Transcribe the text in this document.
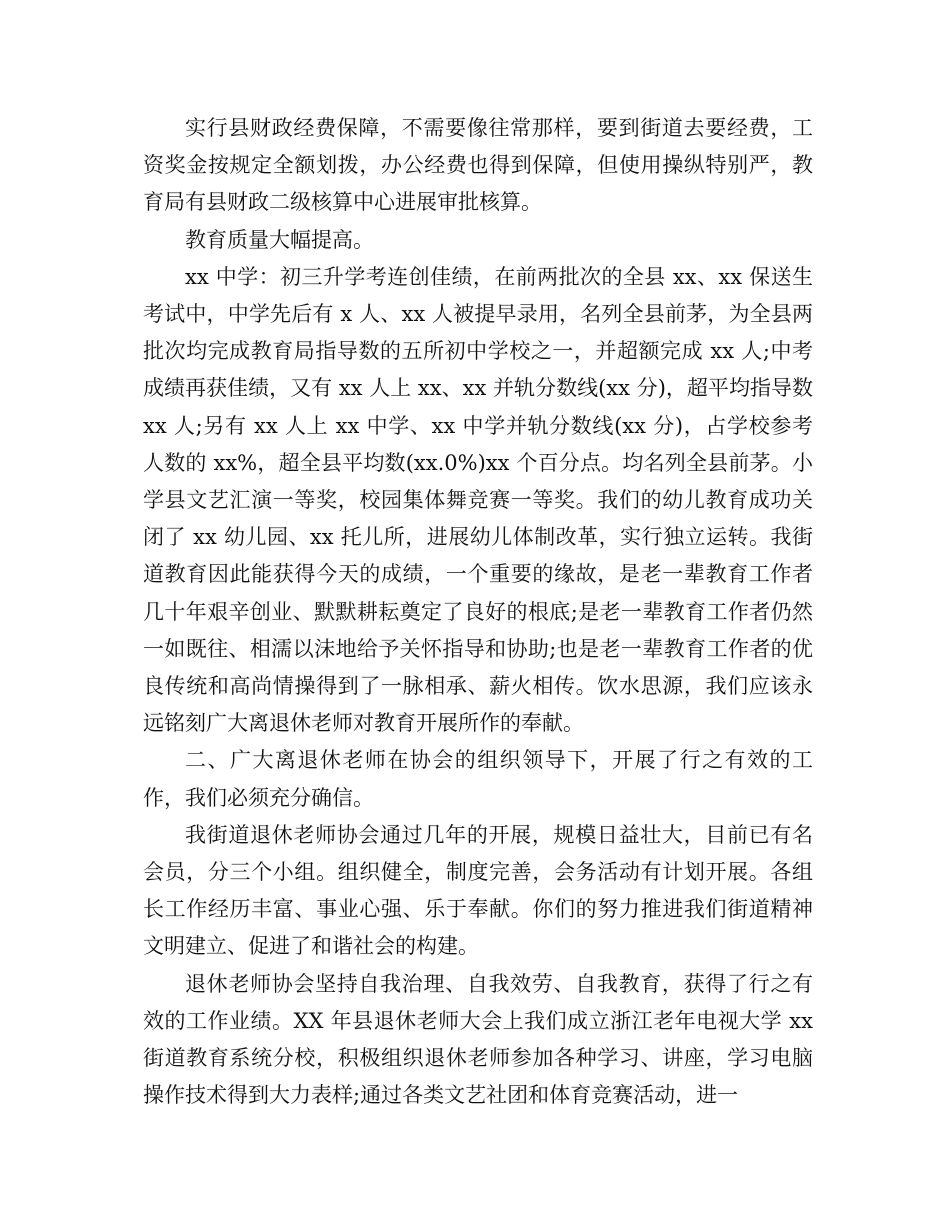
实行县财政经费保障，不需要像往常那样，要到街道去要经费，工资奖金按规定全额划拨，办公经费也得到保障，但使用操纵特别严，教育局有县财政二级核算中心进展审批核算。

教育质量大幅提高。

xx 中学：初三升学考连创佳绩，在前两批次的全县 xx、xx 保送生考试中，中学先后有 x 人、xx 人被提早录用，名列全县前茅，为全县两批次均完成教育局指导数的五所初中学校之一，并超额完成 xx 人;中考成绩再获佳绩，又有 xx 人上 xx、xx 并轨分数线(xx 分)，超平均指导数 xx 人;另有 xx 人上 xx 中学、xx 中学并轨分数线(xx 分)，占学校参考人数的 xx%，超全县平均数(xx.0%)xx 个百分点。均名列全县前茅。小学县文艺汇演一等奖，校园集体舞竞赛一等奖。我们的幼儿教育成功关闭了 xx 幼儿园、xx 托儿所，进展幼儿体制改革，实行独立运转。我街道教育因此能获得今天的成绩，一个重要的缘故，是老一辈教育工作者几十年艰辛创业、默默耕耘奠定了良好的根底;是老一辈教育工作者仍然一如既往、相濡以沫地给予关怀指导和协助;也是老一辈教育工作者的优良传统和高尚情操得到了一脉相承、薪火相传。饮水思源，我们应该永远铭刻广大离退休老师对教育开展所作的奉献。

二、广大离退休老师在协会的组织领导下，开展了行之有效的工作，我们必须充分确信。

我街道退休老师协会通过几年的开展，规模日益壮大，目前已有名会员，分三个小组。组织健全，制度完善，会务活动有计划开展。各组长工作经历丰富、事业心强、乐于奉献。你们的努力推进我们街道精神文明建立、促进了和谐社会的构建。

退休老师协会坚持自我治理、自我效劳、自我教育，获得了行之有效的工作业绩。XX 年县退休老师大会上我们成立浙江老年电视大学 xx 街道教育系统分校，积极组织退休老师参加各种学习、讲座，学习电脑操作技术得到大力表样;通过各类文艺社团和体育竞赛活动，进一
